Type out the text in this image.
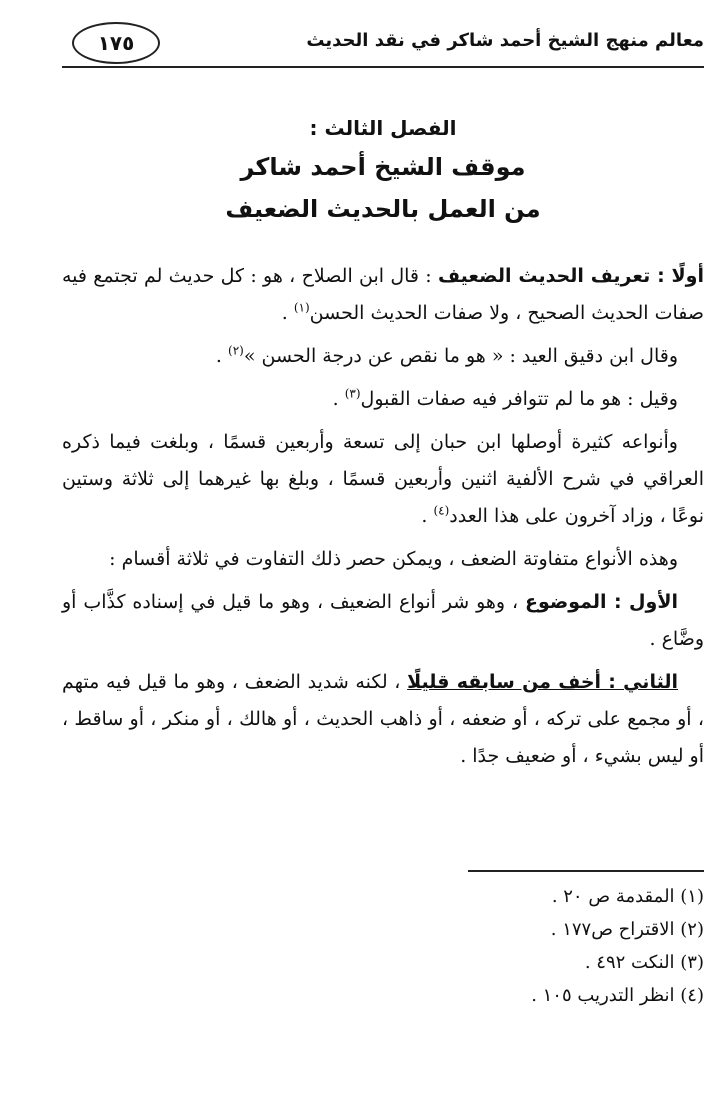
معالم منهج الشيخ أحمد شاكر في نقد الحديث
١٧٥
الفصل الثالث :
موقف الشيخ أحمد شاكر
من العمل بالحديث الضعيف

أولًا : تعريف الحديث الضعيف : قال ابن الصلاح ، هو : كل حديث لم تجتمع فيه صفات الحديث الصحيح ، ولا صفات الحديث الحسن$^{(١)}$ .

وقال ابن دقيق العيد : « هو ما نقص عن درجة الحسن »$^{(٢)}$ .

وقيل : هو ما لم تتوافر فيه صفات القبول$^{(٣)}$ .

وأنواعه كثيرة أوصلها ابن حبان إلى تسعة وأربعين قسمًا ، وبلغت فيما ذكره العراقي في شرح الألفية اثنين وأربعين قسمًا ، وبلغ بها غيرهما إلى ثلاثة وستين نوعًا ، وزاد آخرون على هذا العدد$^{(٤)}$ .

وهذه الأنواع متفاوتة الضعف ، ويمكن حصر ذلك التفاوت في ثلاثة أقسام :

الأول : الموضوع ، وهو شر أنواع الضعيف ، وهو ما قيل في إسناده كذَّاب أو وضَّاع .

الثاني : أخف من سابقه قليلًا ، لكنه شديد الضعف ، وهو ما قيل فيه متهم ، أو مجمع على تركه ، أو ضعفه ، أو ذاهب الحديث ، أو هالك ، أو منكر ، أو ساقط ، أو ليس بشيء ، أو ضعيف جدًا .

(١) المقدمة ص ٢٠ .
(٢) الاقتراح ص١٧٧ .
(٣) النكت ٤٩٢ .
(٤) انظر التدريب ١٠٥ .
